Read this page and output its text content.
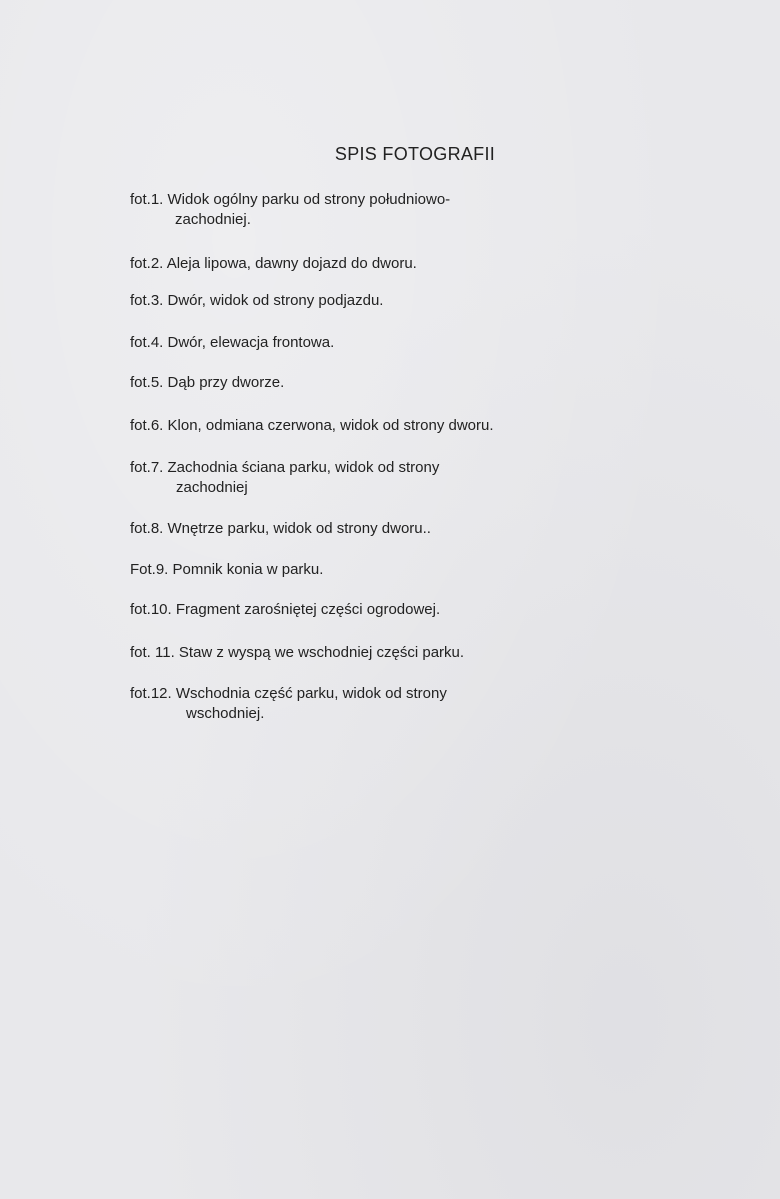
SPIS FOTOGRAFII
fot.1. Widok ogólny parku od strony południowo-
zachodniej.
fot.2. Aleja lipowa, dawny dojazd do dworu.
fot.3. Dwór, widok od strony podjazdu.
fot.4. Dwór, elewacja frontowa.
fot.5. Dąb przy dworze.
fot.6. Klon, odmiana czerwona, widok od strony dworu.
fot.7. Zachodnia ściana parku, widok od strony
zachodniej
fot.8. Wnętrze parku, widok od strony dworu..
Fot.9. Pomnik konia w parku.
fot.10. Fragment zarośniętej części ogrodowej.
fot. 11. Staw z wyspą we wschodniej części parku.
fot.12. Wschodnia część parku, widok od strony
wschodniej.
